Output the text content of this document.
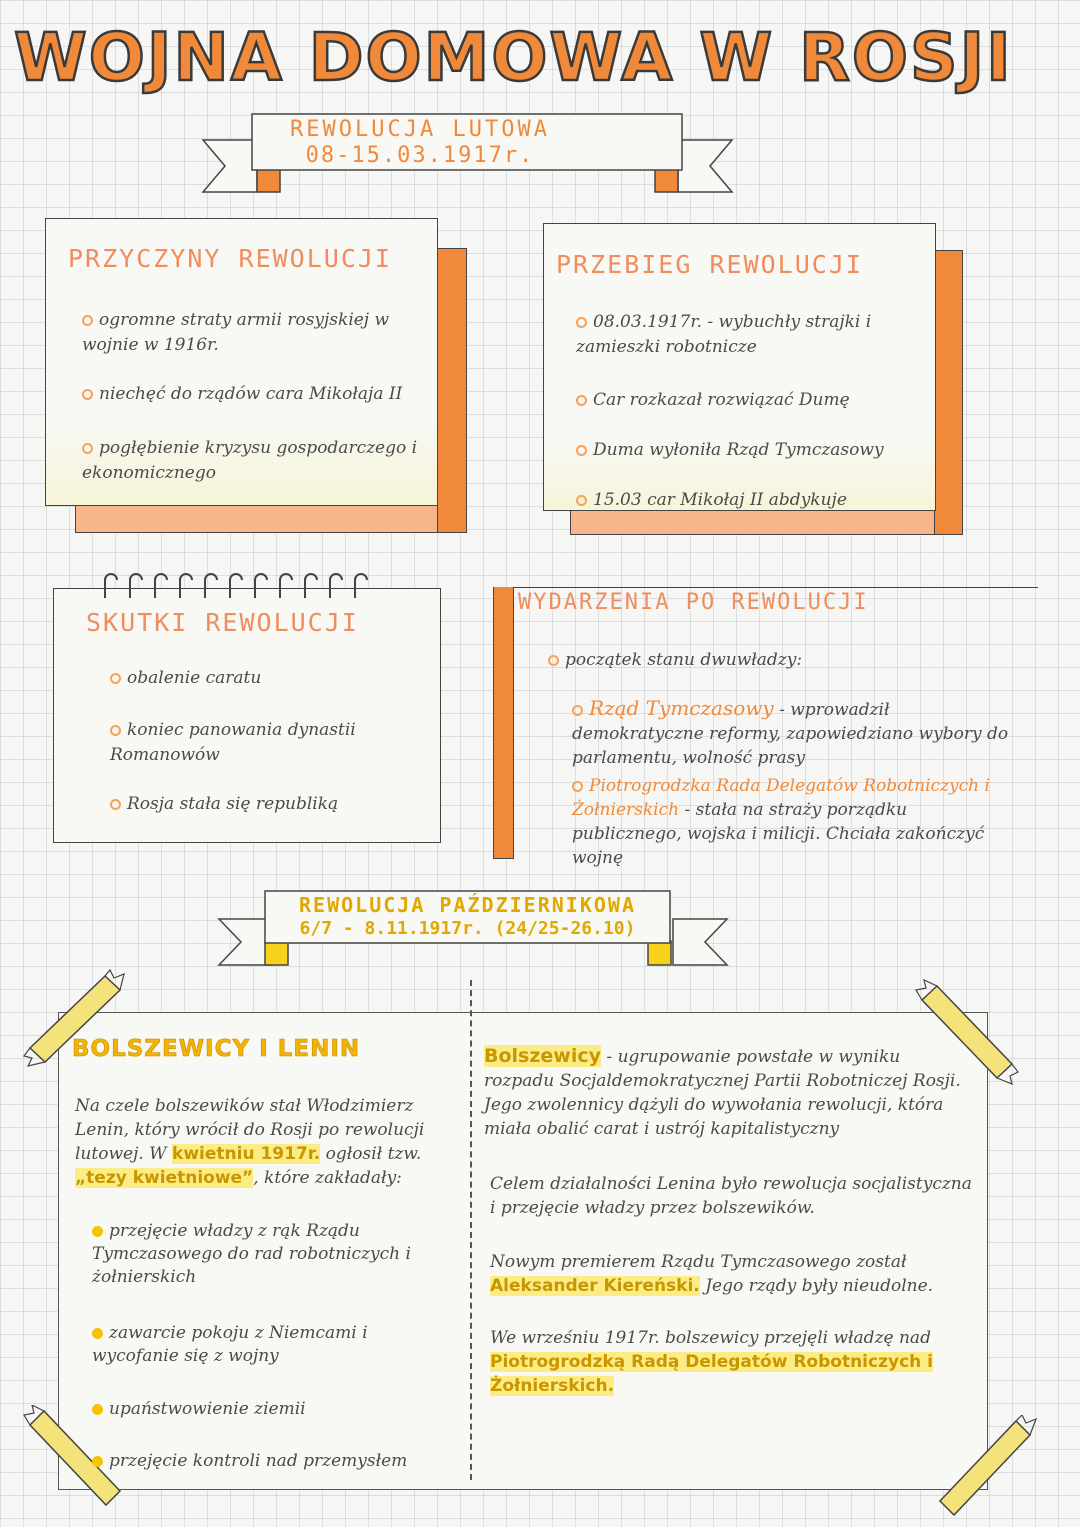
WOJNA DOMOWA W ROSJI
REWOLUCJA LUTOWA
08-15.03.1917r.
PRZYCZYNY REWOLUCJI
ogromne straty armii rosyjskiej w wojnie w 1916r.
niechęć do rządów cara Mikołaja II
pogłębienie kryzysu gospodarczego i ekonomicznego
PRZEBIEG REWOLUCJI
08.03.1917r. - wybuchły strajki i zamieszki robotnicze
Car rozkazał rozwiązać Dumę
Duma wyłoniła Rząd Tymczasowy
15.03 car Mikołaj II abdykuje
SKUTKI REWOLUCJI
obalenie caratu
koniec panowania dynastii Romanowów
Rosja stała się republiką
WYDARZENIA PO REWOLUCJI
początek stanu dwuwładzy:
Rząd Tymczasowy - wprowadził demokratyczne reformy, zapowiedziano wybory do parlamentu, wolność prasy
Piotrogrodzka Rada Delegatów Robotniczych i Żołnierskich - stała na straży porządku publicznego, wojska i milicji. Chciała zakończyć wojnę
REWOLUCJA PAŹDZIERNIKOWA
6/7 - 8.11.1917r. (24/25-26.10)
BOLSZEWICY I LENIN
Na czele bolszewików stał Włodzimierz Lenin, który wrócił do Rosji po rewolucji lutowej. W kwietniu 1917r. ogłosił tzw. „tezy kwietniowe”, które zakładały:
przejęcie władzy z rąk Rządu Tymczasowego do rad robotniczych i żołnierskich
zawarcie pokoju z Niemcami i wycofanie się z wojny
upaństwowienie ziemii
przejęcie kontroli nad przemysłem
Bolszewicy - ugrupowanie powstałe w wyniku rozpadu Socjaldemokratycznej Partii Robotniczej Rosji. Jego zwolennicy dążyli do wywołania rewolucji, która miała obalić carat i ustrój kapitalistyczny
Celem działalności Lenina było rewolucja socjalistyczna i przejęcie władzy przez bolszewików.
Nowym premierem Rządu Tymczasowego został Aleksander Kiereński. Jego rządy były nieudolne.
We wrześniu 1917r. bolszewicy przejęli władzę nad Piotrogrodzką Radą Delegatów Robotniczych i Żołnierskich.
